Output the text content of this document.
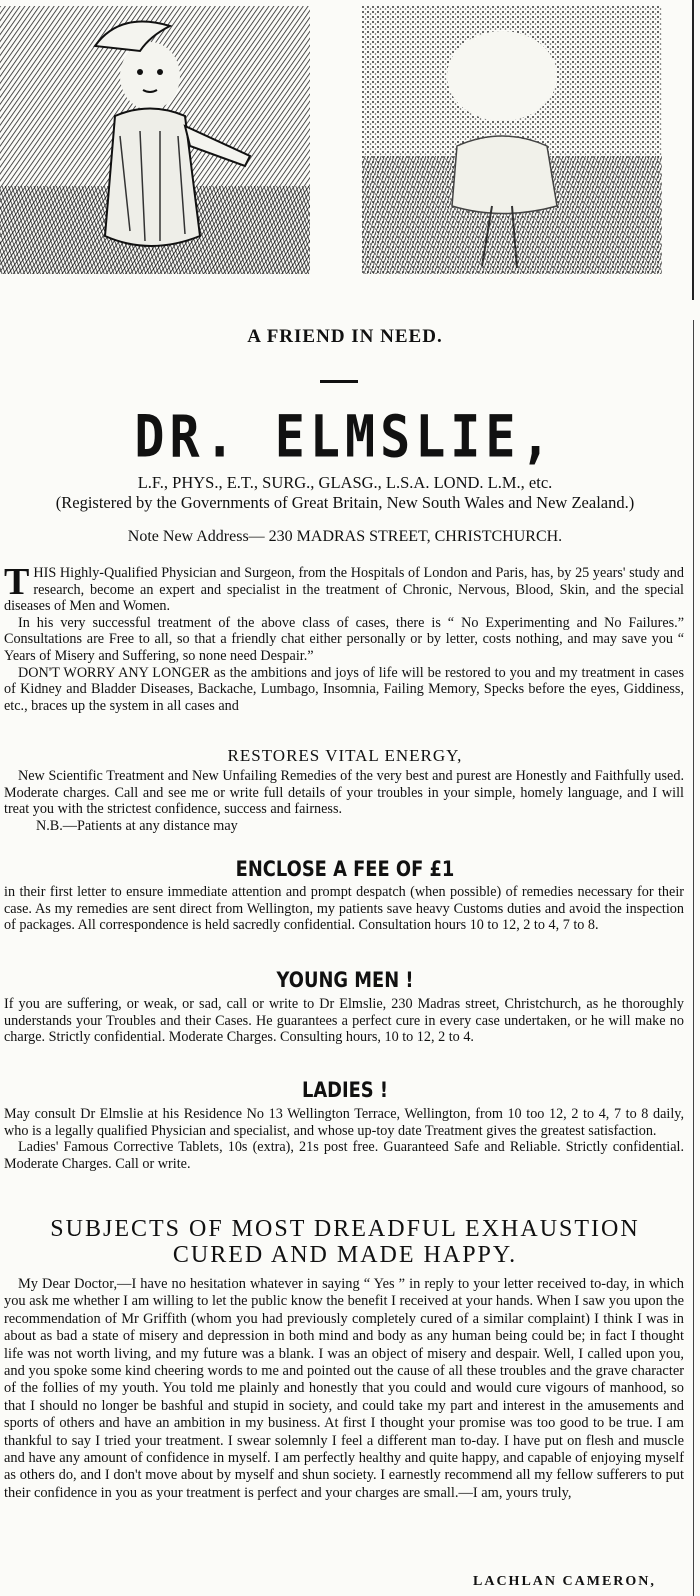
A FRIEND IN NEED.
DR. ELMSLIE,
L.F., PHYS., E.T., SURG., GLASG., L.S.A. LOND. L.M., etc.
(Registered by the Governments of Great Britain, New South Wales and New Zealand.)
Note New Address— 230 MADRAS STREET, CHRISTCHURCH.
T HIS Highly-Qualified Physician and Surgeon, from the Hospitals of London and Paris, has, by 25 years' study and research, become an expert and specialist in the treatment of Chronic, Nervous, Blood, Skin, and the special diseases of Men and Women.

In his very successful treatment of the above class of cases, there is “ No Experimenting and No Failures.” Consultations are Free to all, so that a friendly chat either personally or by letter, costs nothing, and may save you “ Years of Misery and Suffering, so none need Despair.”

DON'T WORRY ANY LONGER as the ambitions and joys of life will be restored to you and my treatment in cases of Kidney and Bladder Diseases, Backache, Lumbago, Insomnia, Failing Memory, Specks before the eyes, Giddiness, etc., braces up the system in all cases and

RESTORES VITAL ENERGY,

New Scientific Treatment and New Unfailing Remedies of the very best and purest are Honestly and Faithfully used. Moderate charges. Call and see me or write full details of your troubles in your simple, homely language, and I will treat you with the strictest confidence, success and fairness.

N.B.—Patients at any distance may

ENCLOSE A FEE OF £1

in their first letter to ensure immediate attention and prompt despatch (when possible) of remedies necessary for their case. As my remedies are sent direct from Wellington, my patients save heavy Customs duties and avoid the inspection of packages. All correspondence is held sacredly confidential. Consultation hours 10 to 12, 2 to 4, 7 to 8.

YOUNG MEN !

If you are suffering, or weak, or sad, call or write to Dr Elmslie, 230 Madras street, Christchurch, as he thoroughly understands your Troubles and their Cases. He guarantees a perfect cure in every case undertaken, or he will make no charge. Strictly confidential. Moderate Charges. Consulting hours, 10 to 12, 2 to 4.

LADIES !

May consult Dr Elmslie at his Residence No 13 Wellington Terrace, Wellington, from 10 too 12, 2 to 4, 7 to 8 daily, who is a legally qualified Physician and specialist, and whose up-toy date Treatment gives the greatest satisfaction.

Ladies' Famous Corrective Tablets, 10s (extra), 21s post free. Guaranteed Safe and Reliable. Strictly confidential. Moderate Charges. Call or write.

SUBJECTS OF MOST DREADFUL EXHAUSTION
CURED AND MADE HAPPY.

My Dear Doctor,—I have no hesitation whatever in saying “ Yes ” in reply to your letter received to-day, in which you ask me whether I am willing to let the public know the benefit I received at your hands. When I saw you upon the recommendation of Mr Griffith (whom you had previously completely cured of a similar complaint) I think I was in about as bad a state of misery and depression in both mind and body as any human being could be; in fact I thought life was not worth living, and my future was a blank. I was an object of misery and despair. Well, I called upon you, and you spoke some kind cheering words to me and pointed out the cause of all these troubles and the grave character of the follies of my youth. You told me plainly and honestly that you could and would cure vigours of manhood, so that I should no longer be bashful and stupid in society, and could take my part and interest in the amusements and sports of others and have an ambition in my business. At first I thought your promise was too good to be true. I am thankful to say I tried your treatment. I swear solemnly I feel a different man to-day. I have put on flesh and muscle and have any amount of confidence in myself. I am perfectly healthy and quite happy, and capable of enjoying myself as others do, and I don't move about by myself and shun society. I earnestly recommend all my fellow sufferers to put their confidence in you as your treatment is perfect and your charges are small.—I am, yours truly,

LACHLAN CAMERON,
